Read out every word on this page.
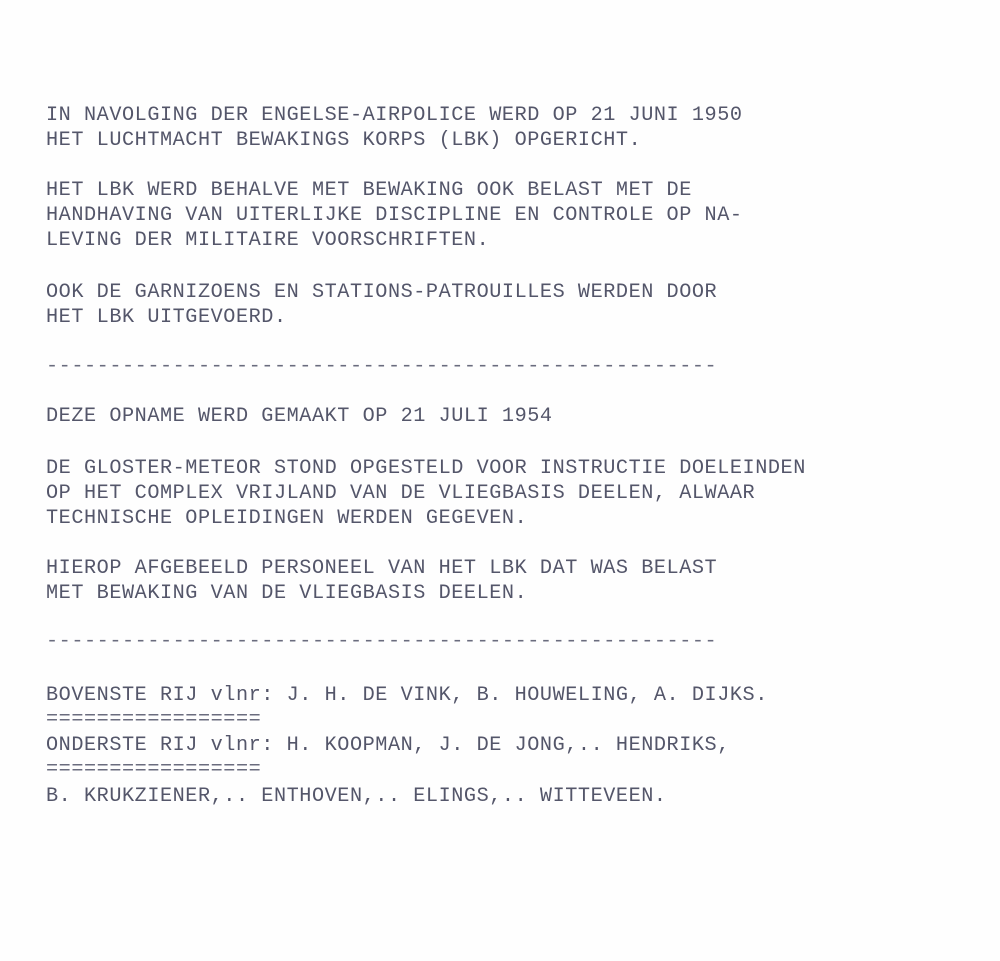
IN NAVOLGING DER ENGELSE-AIRPOLICE WERD OP 21 JUNI 1950
HET LUCHTMACHT BEWAKINGS KORPS (LBK) OPGERICHT.
HET LBK WERD BEHALVE MET BEWAKING OOK BELAST MET DE
HANDHAVING VAN UITERLIJKE DISCIPLINE EN CONTROLE OP NA-
LEVING DER MILITAIRE VOORSCHRIFTEN.
OOK DE GARNIZOENS EN STATIONS-PATROUILLES WERDEN DOOR
HET LBK UITGEVOERD.
-----------------------------------------------------
DEZE OPNAME WERD GEMAAKT OP 21 JULI 1954
DE GLOSTER-METEOR STOND OPGESTELD VOOR INSTRUCTIE DOELEINDEN
OP HET COMPLEX VRIJLAND VAN DE VLIEGBASIS DEELEN, ALWAAR
TECHNISCHE OPLEIDINGEN WERDEN GEGEVEN.
HIEROP AFGEBEELD PERSONEEL VAN HET LBK DAT WAS BELAST
MET BEWAKING VAN DE VLIEGBASIS DEELEN.
-----------------------------------------------------
BOVENSTE RIJ vlnr: J. H. DE VINK, B. HOUWELING, A. DIJKS.
=================
ONDERSTE RIJ vlnr: H. KOOPMAN, J. DE JONG,.. HENDRIKS,
=================
B. KRUKZIENER,.. ENTHOVEN,.. ELINGS,.. WITTEVEEN.
